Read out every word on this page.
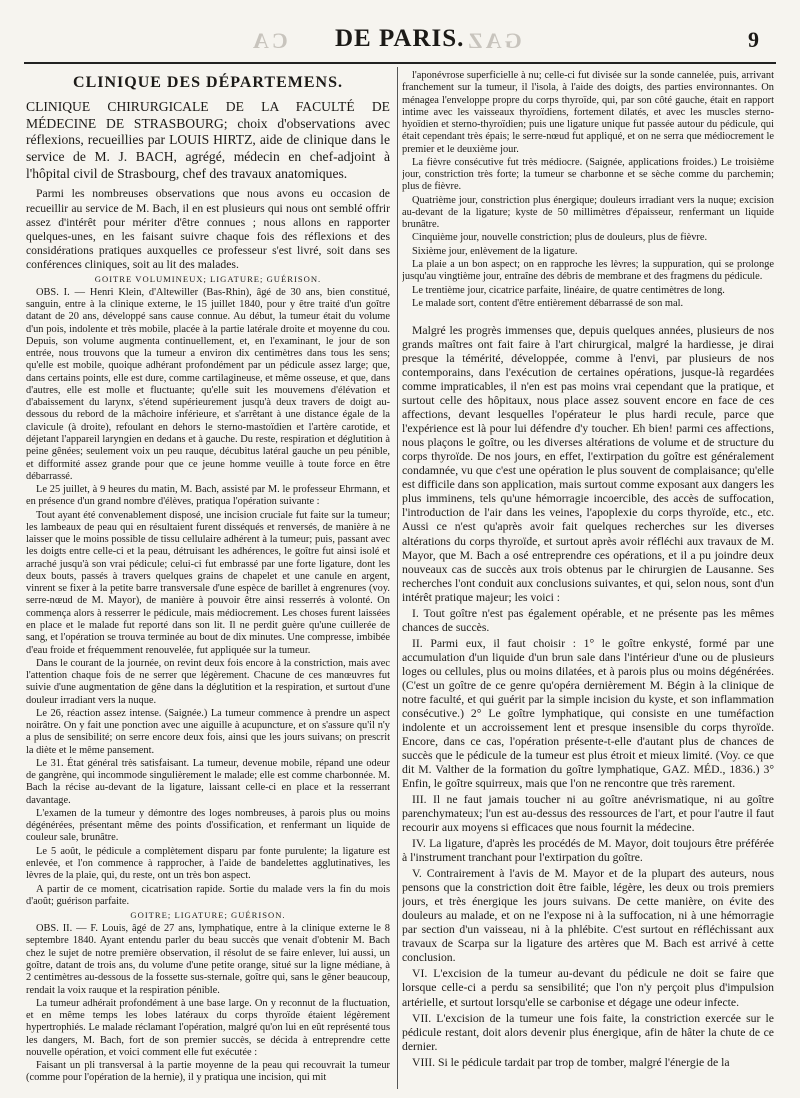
CA DE PARIS. GAZ	9

CLINIQUE DES DÉPARTEMENS.

CLINIQUE CHIRURGICALE DE LA FACULTÉ DE MÉDECINE DE STRASBOURG; choix d'observations avec réflexions, recueillies par LOUIS HIRTZ, aide de clinique dans le service de M. J. BACH, agrégé, médecin en chef-adjoint à l'hôpital civil de Strasbourg, chef des travaux anatomiques.

Parmi les nombreuses observations que nous avons eu occasion de recueillir au service de M. Bach, il en est plusieurs qui nous ont semblé offrir assez d'intérêt pour mériter d'être connues ; nous allons en rapporter quelques-unes, en les faisant suivre chaque fois des réflexions et des considérations pratiques auxquelles ce professeur s'est livré, soit dans ses conférences cliniques, soit au lit des malades.

GOITRE VOLUMINEUX; LIGATURE; GUÉRISON.

OBS. I. — Henri Klein, d'Altewiller (Bas-Rhin), âgé de 30 ans, bien constitué, sanguin, entre à la clinique externe, le 15 juillet 1840, pour y être traité d'un goître datant de 20 ans, développé sans cause connue. Au début, la tumeur était du volume d'un pois, indolente et très mobile, placée à la partie latérale droite et moyenne du cou. Depuis, son volume augmenta continuellement, et, en l'examinant, le jour de son entrée, nous trouvons que la tumeur a environ dix centimètres dans tous les sens; qu'elle est mobile, quoique adhérant profondément par un pédicule assez large; que, dans certains points, elle est dure, comme cartilagineuse, et même osseuse, et que, dans d'autres, elle est molle et fluctuante; qu'elle suit les mouvemens d'élévation et d'abaissement du larynx, s'étend supérieurement jusqu'à deux travers de doigt au-dessous du rebord de la mâchoire inférieure, et s'arrêtant à une distance égale de la clavicule (à droite), refoulant en dehors le sterno-mastoïdien et l'artère carotide, et déjetant l'appareil laryngien en dedans et à gauche. Du reste, respiration et déglutition à peine gênées; seulement voix un peu rauque, décubitus latéral gauche un peu pénible, et difformité assez grande pour que ce jeune homme veuille à toute force en être débarrassé.

Le 25 juillet, à 9 heures du matin, M. Bach, assisté par M. le professeur Ehrmann, et en présence d'un grand nombre d'élèves, pratiqua l'opération suivante :

Tout ayant été convenablement disposé, une incision cruciale fut faite sur la tumeur; les lambeaux de peau qui en résultaient furent disséqués et renversés, de manière à ne laisser que le moins possible de tissu cellulaire adhérent à la tumeur; puis, passant avec les doigts entre celle-ci et la peau, détruisant les adhérences, le goître fut ainsi isolé et arraché jusqu'à son vrai pédicule; celui-ci fut embrassé par une forte ligature, dont les deux bouts, passés à travers quelques grains de chapelet et une canule en argent, vinrent se fixer à la petite barre transversale d'une espèce de barillet à engrenures (voy. serre-nœud de M. Mayor), de manière à pouvoir être ainsi resserrés à volonté. On commença alors à resserrer le pédicule, mais médiocrement. Les choses furent laissées en place et le malade fut reporté dans son lit. Il ne perdit guère qu'une cuillerée de sang, et l'opération se trouva terminée au bout de dix minutes. Une compresse, imbibée d'eau froide et fréquemment renouvelée, fut appliquée sur la tumeur.

Dans le courant de la journée, on revint deux fois encore à la constriction, mais avec l'attention chaque fois de ne serrer que légèrement. Chacune de ces manœuvres fut suivie d'une augmentation de gêne dans la déglutition et la respiration, et surtout d'une douleur irradiant vers la nuque.

Le 26, réaction assez intense. (Saignée.) La tumeur commence à prendre un aspect noirâtre. On y fait une ponction avec une aiguille à acupuncture, et on s'assure qu'il n'y a plus de sensibilité; on serre encore deux fois, ainsi que les jours suivans; on prescrit la diète et le même pansement.

Le 31. État général très satisfaisant. La tumeur, devenue mobile, répand une odeur de gangrène, qui incommode singulièrement le malade; elle est comme charbonnée. M. Bach la récise au-devant de la ligature, laissant celle-ci en place et la resserrant davantage.

L'examen de la tumeur y démontre des loges nombreuses, à parois plus ou moins dégénérées, présentant même des points d'ossification, et renfermant un liquide de couleur sale, brunâtre.

Le 5 août, le pédicule a complètement disparu par fonte purulente; la ligature est enlevée, et l'on commence à rapprocher, à l'aide de bandelettes agglutinatives, les lèvres de la plaie, qui, du reste, ont un très bon aspect.

A partir de ce moment, cicatrisation rapide. Sortie du malade vers la fin du mois d'août; guérison parfaite.

GOITRE; LIGATURE; GUÉRISON.

OBS. II. — F. Louis, âgé de 27 ans, lymphatique, entre à la clinique externe le 8 septembre 1840. Ayant entendu parler du beau succès que venait d'obtenir M. Bach chez le sujet de notre première observation, il résolut de se faire enlever, lui aussi, un goître, datant de trois ans, du volume d'une petite orange, situé sur la ligne médiane, à 2 centimètres au-dessous de la fossette sus-sternale, goître qui, sans le gêner beaucoup, rendait la voix rauque et la respiration pénible.

La tumeur adhérait profondément à une base large. On y reconnut de la fluctuation, et en même temps les lobes latéraux du corps thyroïde étaient légèrement hypertrophiés. Le malade réclamant l'opération, malgré qu'on lui en eût représenté tous les dangers, M. Bach, fort de son premier succès, se décida à entreprendre cette nouvelle opération, et voici comment elle fut exécutée :

Faisant un pli transversal à la partie moyenne de la peau qui recouvrait la tumeur (comme pour l'opération de la hernie), il y pratiqua une incision, qui mit

l'aponévrose superficielle à nu; celle-ci fut divisée sur la sonde cannelée, puis, arrivant franchement sur la tumeur, il l'isola, à l'aide des doigts, des parties environnantes. On ménagea l'enveloppe propre du corps thyroïde, qui, par son côté gauche, était en rapport intime avec les vaisseaux thyroïdiens, fortement dilatés, et avec les muscles sterno-hyoïdien et sterno-thyroïdien; puis une ligature unique fut passée autour du pédicule, qui était cependant très épais; le serre-nœud fut appliqué, et on ne serra que médiocrement le premier et le deuxième jour.

La fièvre consécutive fut très médiocre. (Saignée, applications froides.) Le troisième jour, constriction très forte; la tumeur se charbonne et se sèche comme du parchemin; plus de fièvre.

Quatrième jour, constriction plus énergique; douleurs irradiant vers la nuque; excision au-devant de la ligature; kyste de 50 millimètres d'épaisseur, renfermant un liquide brunâtre.

Cinquième jour, nouvelle constriction; plus de douleurs, plus de fièvre.

Sixième jour, enlèvement de la ligature.

La plaie a un bon aspect; on en rapproche les lèvres; la suppuration, qui se prolonge jusqu'au vingtième jour, entraîne des débris de membrane et des fragmens du pédicule.

Le trentième jour, cicatrice parfaite, linéaire, de quatre centimètres de long.

Le malade sort, content d'être entièrement débarrassé de son mal.

Malgré les progrès immenses que, depuis quelques années, plusieurs de nos grands maîtres ont fait faire à l'art chirurgical, malgré la hardiesse, je dirai presque la témérité, développée, comme à l'envi, par plusieurs de nos contemporains, dans l'exécution de certaines opérations, jusque-là regardées comme impraticables, il n'en est pas moins vrai cependant que la pratique, et surtout celle des hôpitaux, nous place assez souvent encore en face de ces affections, devant lesquelles l'opérateur le plus hardi recule, parce que l'expérience est là pour lui défendre d'y toucher. Eh bien! parmi ces affections, nous plaçons le goître, ou les diverses altérations de volume et de structure du corps thyroïde. De nos jours, en effet, l'extirpation du goître est généralement condamnée, vu que c'est une opération le plus souvent de complaisance; qu'elle est difficile dans son application, mais surtout comme exposant aux dangers les plus imminens, tels qu'une hémorragie incoercible, des accès de suffocation, l'introduction de l'air dans les veines, l'apoplexie du corps thyroïde, etc., etc. Aussi ce n'est qu'après avoir fait quelques recherches sur les diverses altérations du corps thyroïde, et surtout après avoir réfléchi aux travaux de M. Mayor, que M. Bach a osé entreprendre ces opérations, et il a pu joindre deux nouveaux cas de succès aux trois obtenus par le chirurgien de Lausanne. Ses recherches l'ont conduit aux conclusions suivantes, et qui, selon nous, sont d'un intérêt pratique majeur; les voici :

I. Tout goître n'est pas également opérable, et ne présente pas les mêmes chances de succès.

II. Parmi eux, il faut choisir : 1° le goître enkysté, formé par une accumulation d'un liquide d'un brun sale dans l'intérieur d'une ou de plusieurs loges ou cellules, plus ou moins dilatées, et à parois plus ou moins dégénérées. (C'est un goître de ce genre qu'opéra dernièrement M. Bégin à la clinique de notre faculté, et qui guérit par la simple incision du kyste, et son inflammation consécutive.) 2° Le goître lymphatique, qui consiste en une tuméfaction indolente et un accroissement lent et presque insensible du corps thyroïde. Encore, dans ce cas, l'opération présente-t-elle d'autant plus de chances de succès que le pédicule de la tumeur est plus étroit et mieux limité. (Voy. ce que dit M. Valther de la formation du goître lymphatique, GAZ. MÉD., 1836.) 3° Enfin, le goître squirreux, mais que l'on ne rencontre que très rarement.

III. Il ne faut jamais toucher ni au goître anévrismatique, ni au goître parenchymateux; l'un est au-dessus des ressources de l'art, et pour l'autre il faut recourir aux moyens si efficaces que nous fournit la médecine.

IV. La ligature, d'après les procédés de M. Mayor, doit toujours être préférée à l'instrument tranchant pour l'extirpation du goître.

V. Contrairement à l'avis de M. Mayor et de la plupart des auteurs, nous pensons que la constriction doit être faible, légère, les deux ou trois premiers jours, et très énergique les jours suivans. De cette manière, on évite des douleurs au malade, et on ne l'expose ni à la suffocation, ni à une hémorragie par section d'un vaisseau, ni à la phlébite. C'est surtout en réfléchissant aux travaux de Scarpa sur la ligature des artères que M. Bach est arrivé à cette conclusion.

VI. L'excision de la tumeur au-devant du pédicule ne doit se faire que lorsque celle-ci a perdu sa sensibilité; que l'on n'y perçoit plus d'impulsion artérielle, et surtout lorsqu'elle se carbonise et dégage une odeur infecte.

VII. L'excision de la tumeur une fois faite, la constriction exercée sur le pédicule restant, doit alors devenir plus énergique, afin de hâter la chute de ce dernier.

VIII. Si le pédicule tardait par trop de tomber, malgré l'énergie de la
